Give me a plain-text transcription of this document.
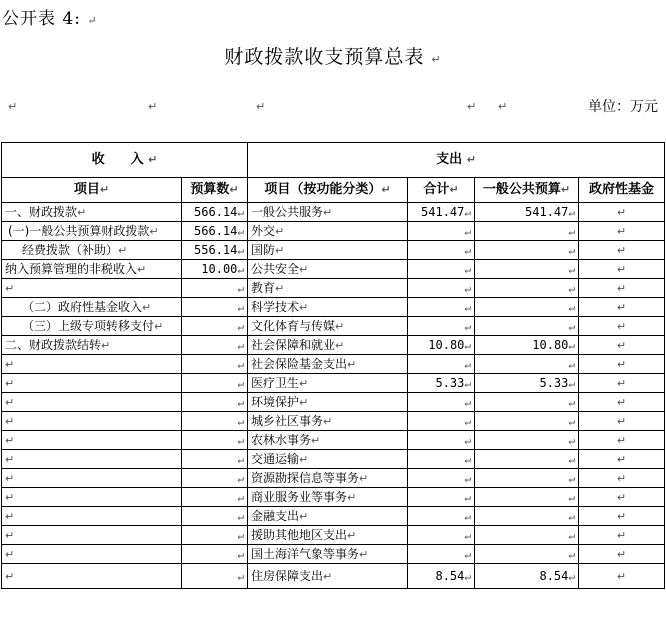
公开表 4: ↵
财政拨款收支预算总表 ↵
↵	↵	↵	↵ ↵	单位：万元
收　　入 ↵		支出 ↵			
项目↵	预算数↵	项目（按功能分类）↵	合计↵	一般公共预算↵	政府性基金
一、财政拨款↵	566.14↵	一般公共服务↵	541.47↵	541.47↵	↵
(一)一般公共预算财政拨款↵	566.14↵	外交↵	↵	↵	↵
经费拨款（补助）↵	556.14↵	国防↵	↵	↵	↵
纳入预算管理的非税收入↵	10.00↵	公共安全↵	↵	↵	↵
↵	↵	教育↵	↵	↵	↵
（二）政府性基金收入↵	↵	科学技术↵	↵	↵	↵
（三）上级专项转移支付↵	↵	文化体育与传媒↵	↵	↵	↵
二、财政拨款结转↵	↵	社会保障和就业↵	10.80↵	10.80↵	↵
↵	↵	社会保险基金支出↵	↵	↵	↵
↵	↵	医疗卫生↵	5.33↵	5.33↵	↵
↵	↵	环境保护↵	↵	↵	↵
↵	↵	城乡社区事务↵	↵	↵	↵
↵	↵	农林水事务↵	↵	↵	↵
↵	↵	交通运输↵	↵	↵	↵
↵	↵	资源勘探信息等事务↵	↵	↵	↵
↵	↵	商业服务业等事务↵	↵	↵	↵
↵	↵	金融支出↵	↵	↵	↵
↵	↵	援助其他地区支出↵	↵	↵	↵
↵	↵	国土海洋气象等事务↵	↵	↵	↵
↵	↵	住房保障支出↵	8.54↵	8.54↵	↵
